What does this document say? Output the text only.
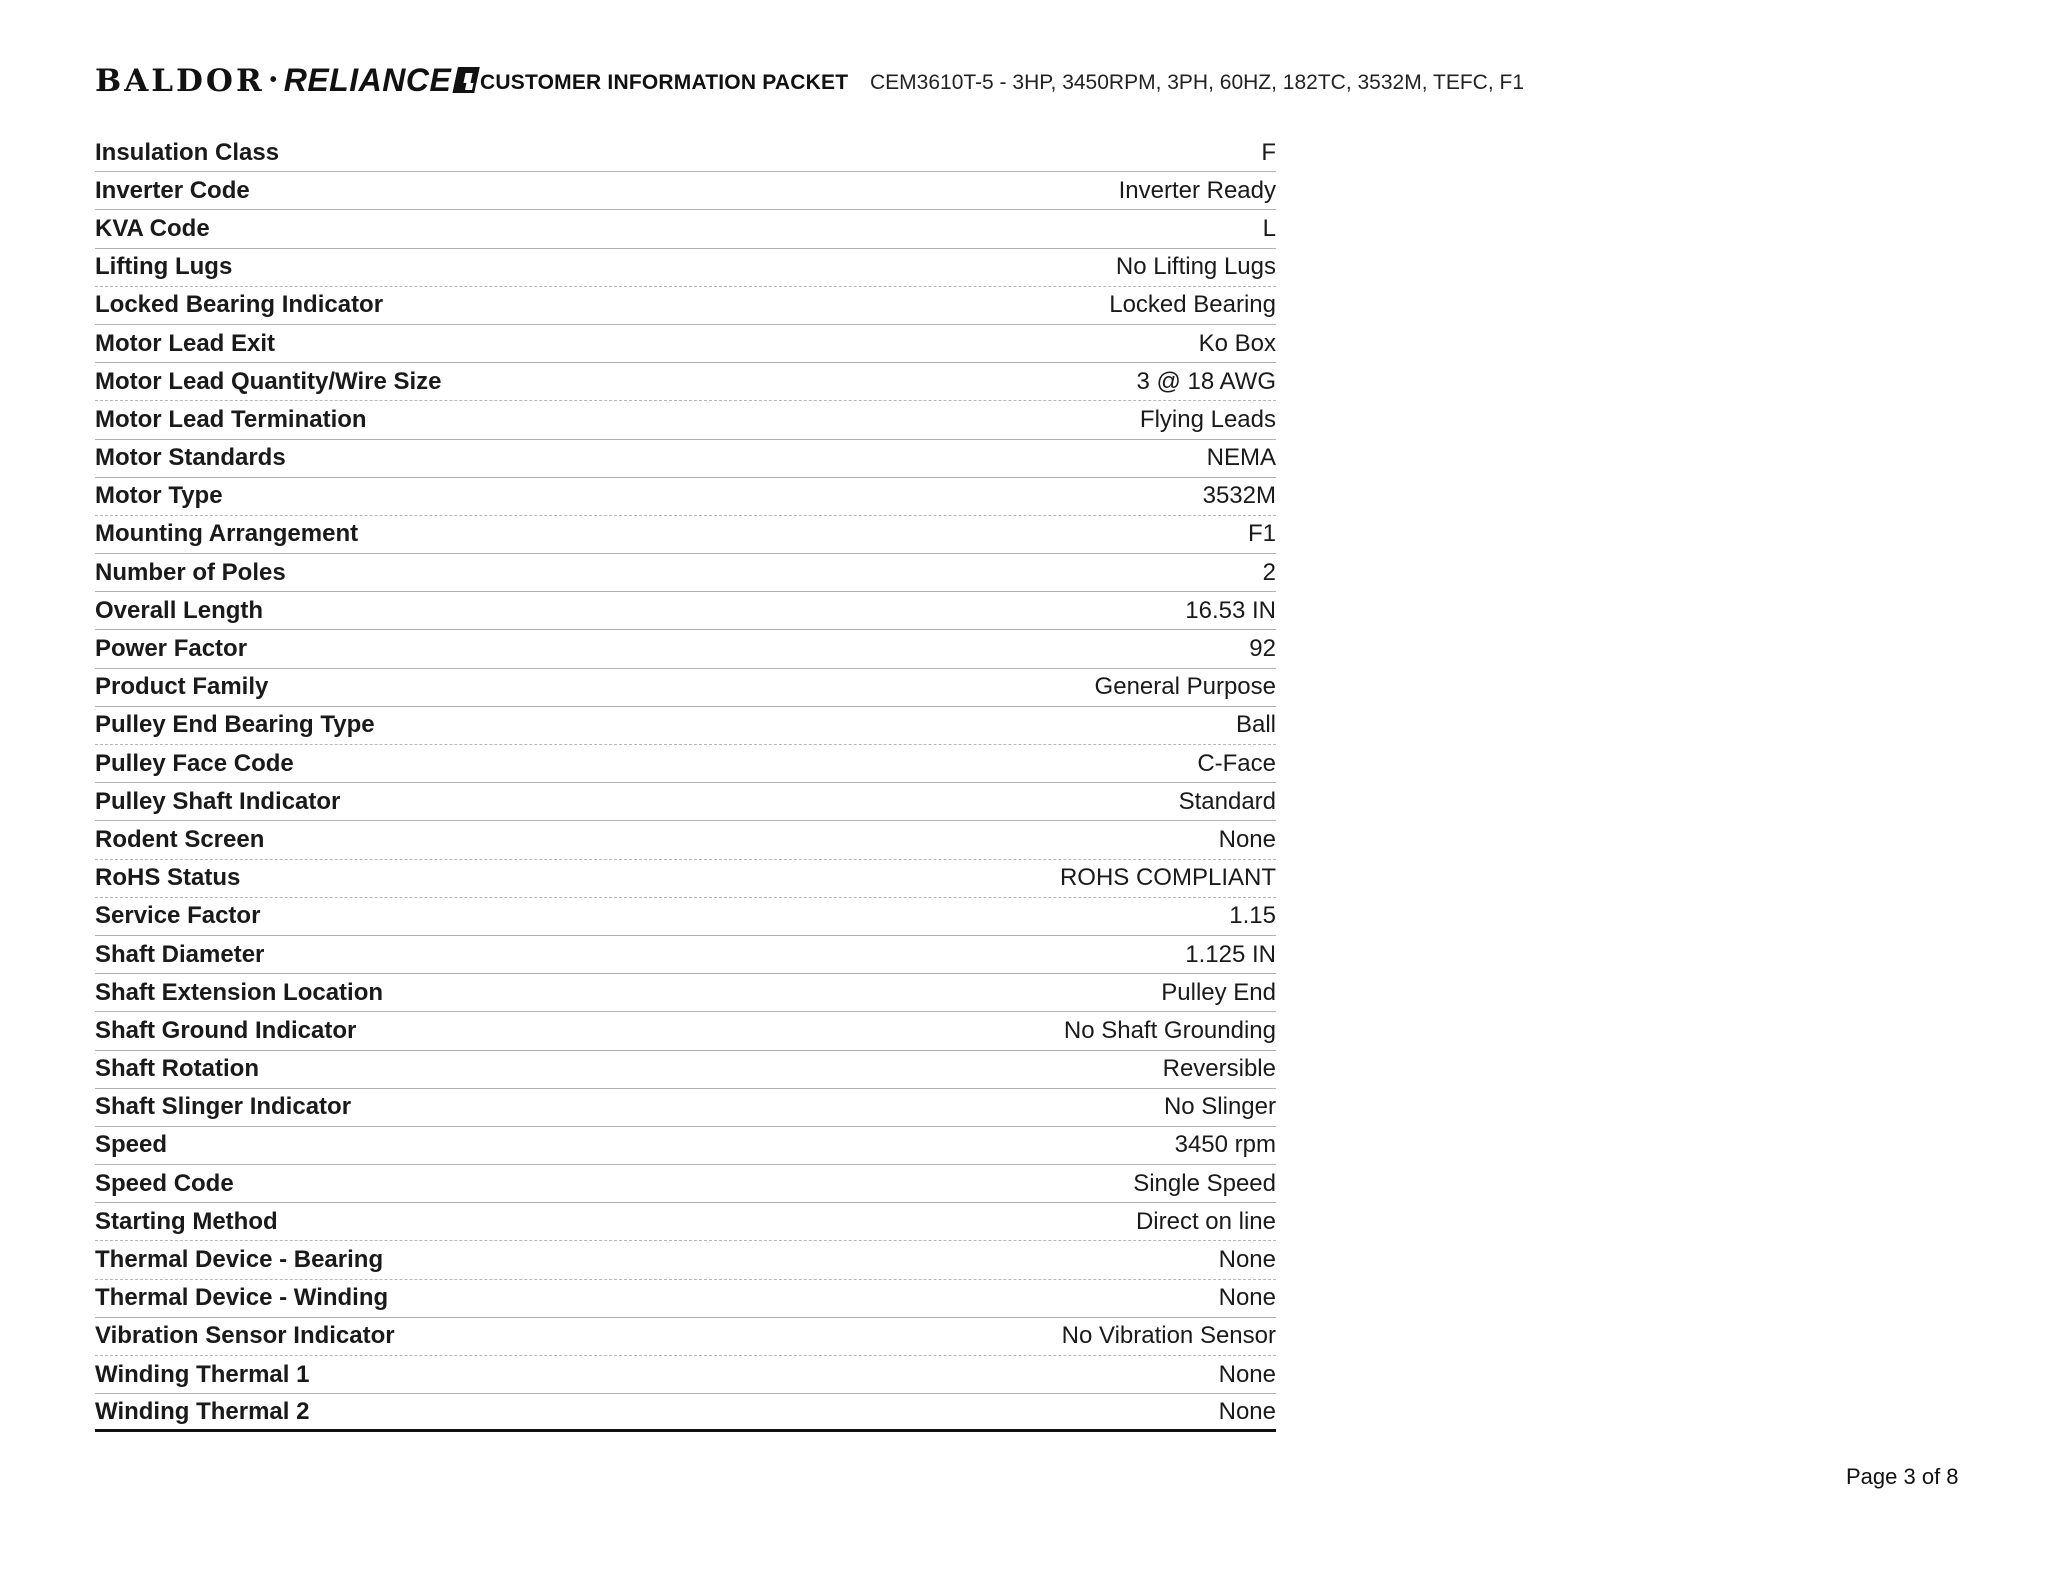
BALDOR • RELIANCE CUSTOMER INFORMATION PACKET CEM3610T-5 - 3HP, 3450RPM, 3PH, 60HZ, 182TC, 3532M, TEFC, F1
Insulation Class	F
Inverter Code	Inverter Ready
KVA Code	L
Lifting Lugs	No Lifting Lugs
Locked Bearing Indicator	Locked Bearing
Motor Lead Exit	Ko Box
Motor Lead Quantity/Wire Size	3 @ 18 AWG
Motor Lead Termination	Flying Leads
Motor Standards	NEMA
Motor Type	3532M
Mounting Arrangement	F1
Number of Poles	2
Overall Length	16.53 IN
Power Factor	92
Product Family	General Purpose
Pulley End Bearing Type	Ball
Pulley Face Code	C-Face
Pulley Shaft Indicator	Standard
Rodent Screen	None
RoHS Status	ROHS COMPLIANT
Service Factor	1.15
Shaft Diameter	1.125 IN
Shaft Extension Location	Pulley End
Shaft Ground Indicator	No Shaft Grounding
Shaft Rotation	Reversible
Shaft Slinger Indicator	No Slinger
Speed	3450 rpm
Speed Code	Single Speed
Starting Method	Direct on line
Thermal Device - Bearing	None
Thermal Device - Winding	None
Vibration Sensor Indicator	No Vibration Sensor
Winding Thermal 1	None
Winding Thermal 2	None
Page 3 of 8
